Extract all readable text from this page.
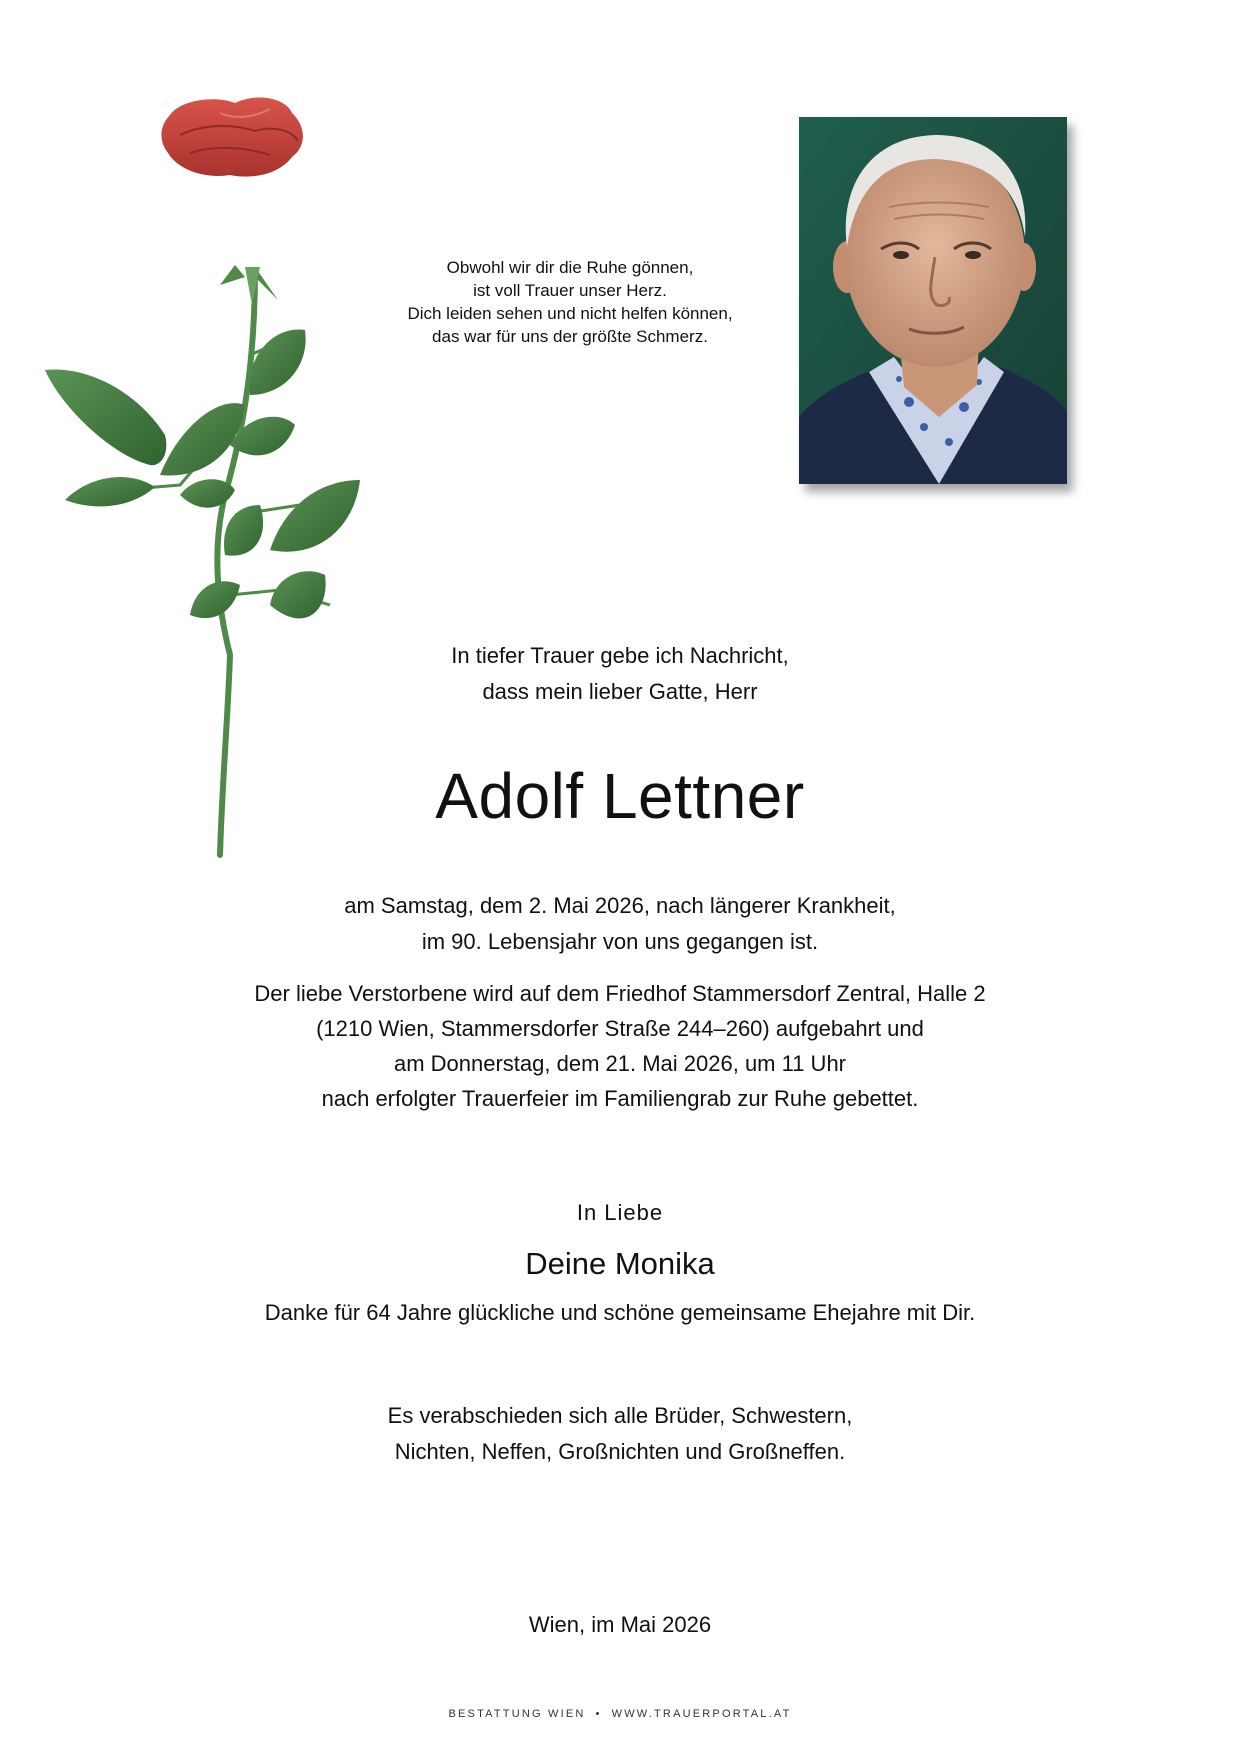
Obwohl wir dir die Ruhe gönnen,
ist voll Trauer unser Herz.
Dich leiden sehen und nicht helfen können,
das war für uns der größte Schmerz.
In tiefer Trauer gebe ich Nachricht,
dass mein lieber Gatte, Herr
Adolf Lettner
am Samstag, dem 2. Mai 2026, nach längerer Krankheit,
im 90. Lebensjahr von uns gegangen ist.
Der liebe Verstorbene wird auf dem Friedhof Stammersdorf Zentral, Halle 2
(1210 Wien, Stammersdorfer Straße 244–260) aufgebahrt und
am Donnerstag, dem 21. Mai 2026, um 11 Uhr
nach erfolgter Trauerfeier im Familiengrab zur Ruhe gebettet.
In Liebe
Deine Monika
Danke für 64 Jahre glückliche und schöne gemeinsame Ehejahre mit Dir.
Es verabschieden sich alle Brüder, Schwestern,
Nichten, Neffen, Großnichten und Großneffen.
Wien, im Mai 2026
BESTATTUNG WIEN • WWW.TRAUERPORTAL.AT
